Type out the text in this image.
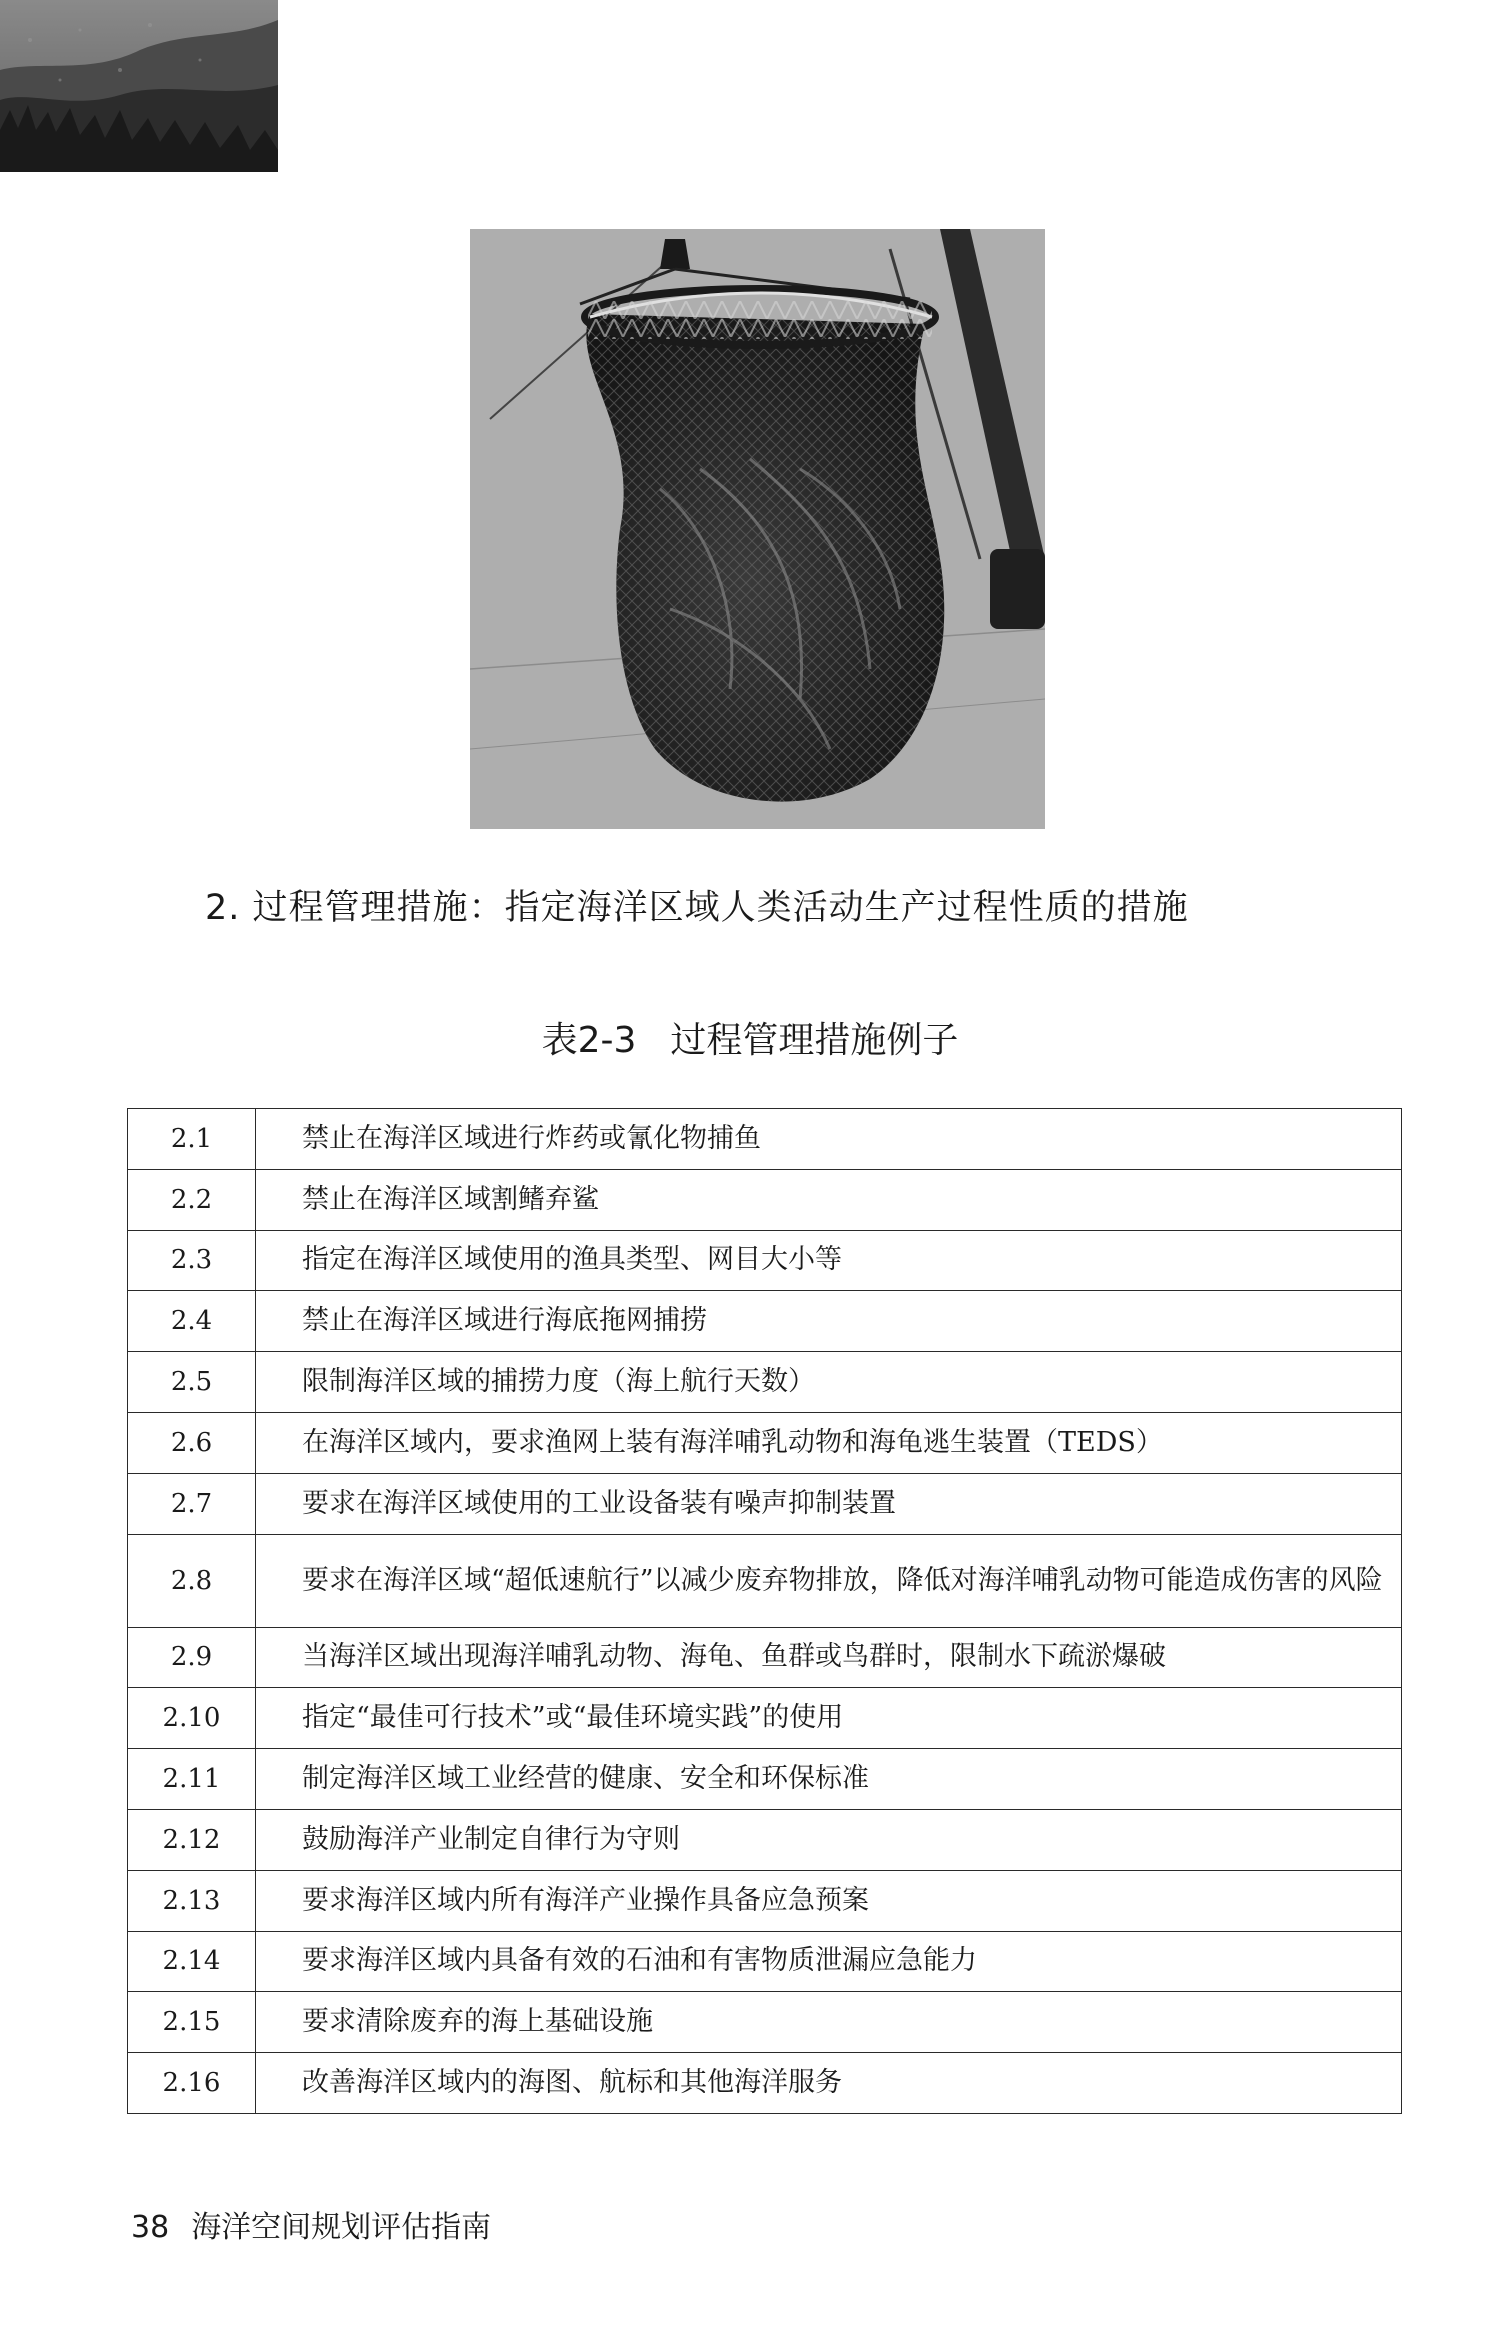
2. 过程管理措施：指定海洋区域人类活动生产过程性质的措施
表2-3 过程管理措施例子
2.1	禁止在海洋区域进行炸药或氰化物捕鱼
2.2	禁止在海洋区域割鳍弃鲨
2.3	指定在海洋区域使用的渔具类型、网目大小等
2.4	禁止在海洋区域进行海底拖网捕捞
2.5	限制海洋区域的捕捞力度（海上航行天数）
2.6	在海洋区域内，要求渔网上装有海洋哺乳动物和海龟逃生装置（TEDS）
2.7	要求在海洋区域使用的工业设备装有噪声抑制装置
2.8	要求在海洋区域“超低速航行”以减少废弃物排放，降低对海洋哺乳动物可能造成伤害的风险
2.9	当海洋区域出现海洋哺乳动物、海龟、鱼群或鸟群时，限制水下疏淤爆破
2.10	指定“最佳可行技术”或“最佳环境实践”的使用
2.11	制定海洋区域工业经营的健康、安全和环保标准
2.12	鼓励海洋产业制定自律行为守则
2.13	要求海洋区域内所有海洋产业操作具备应急预案
2.14	要求海洋区域内具备有效的石油和有害物质泄漏应急能力
2.15	要求清除废弃的海上基础设施
2.16	改善海洋区域内的海图、航标和其他海洋服务
38 海洋空间规划评估指南
